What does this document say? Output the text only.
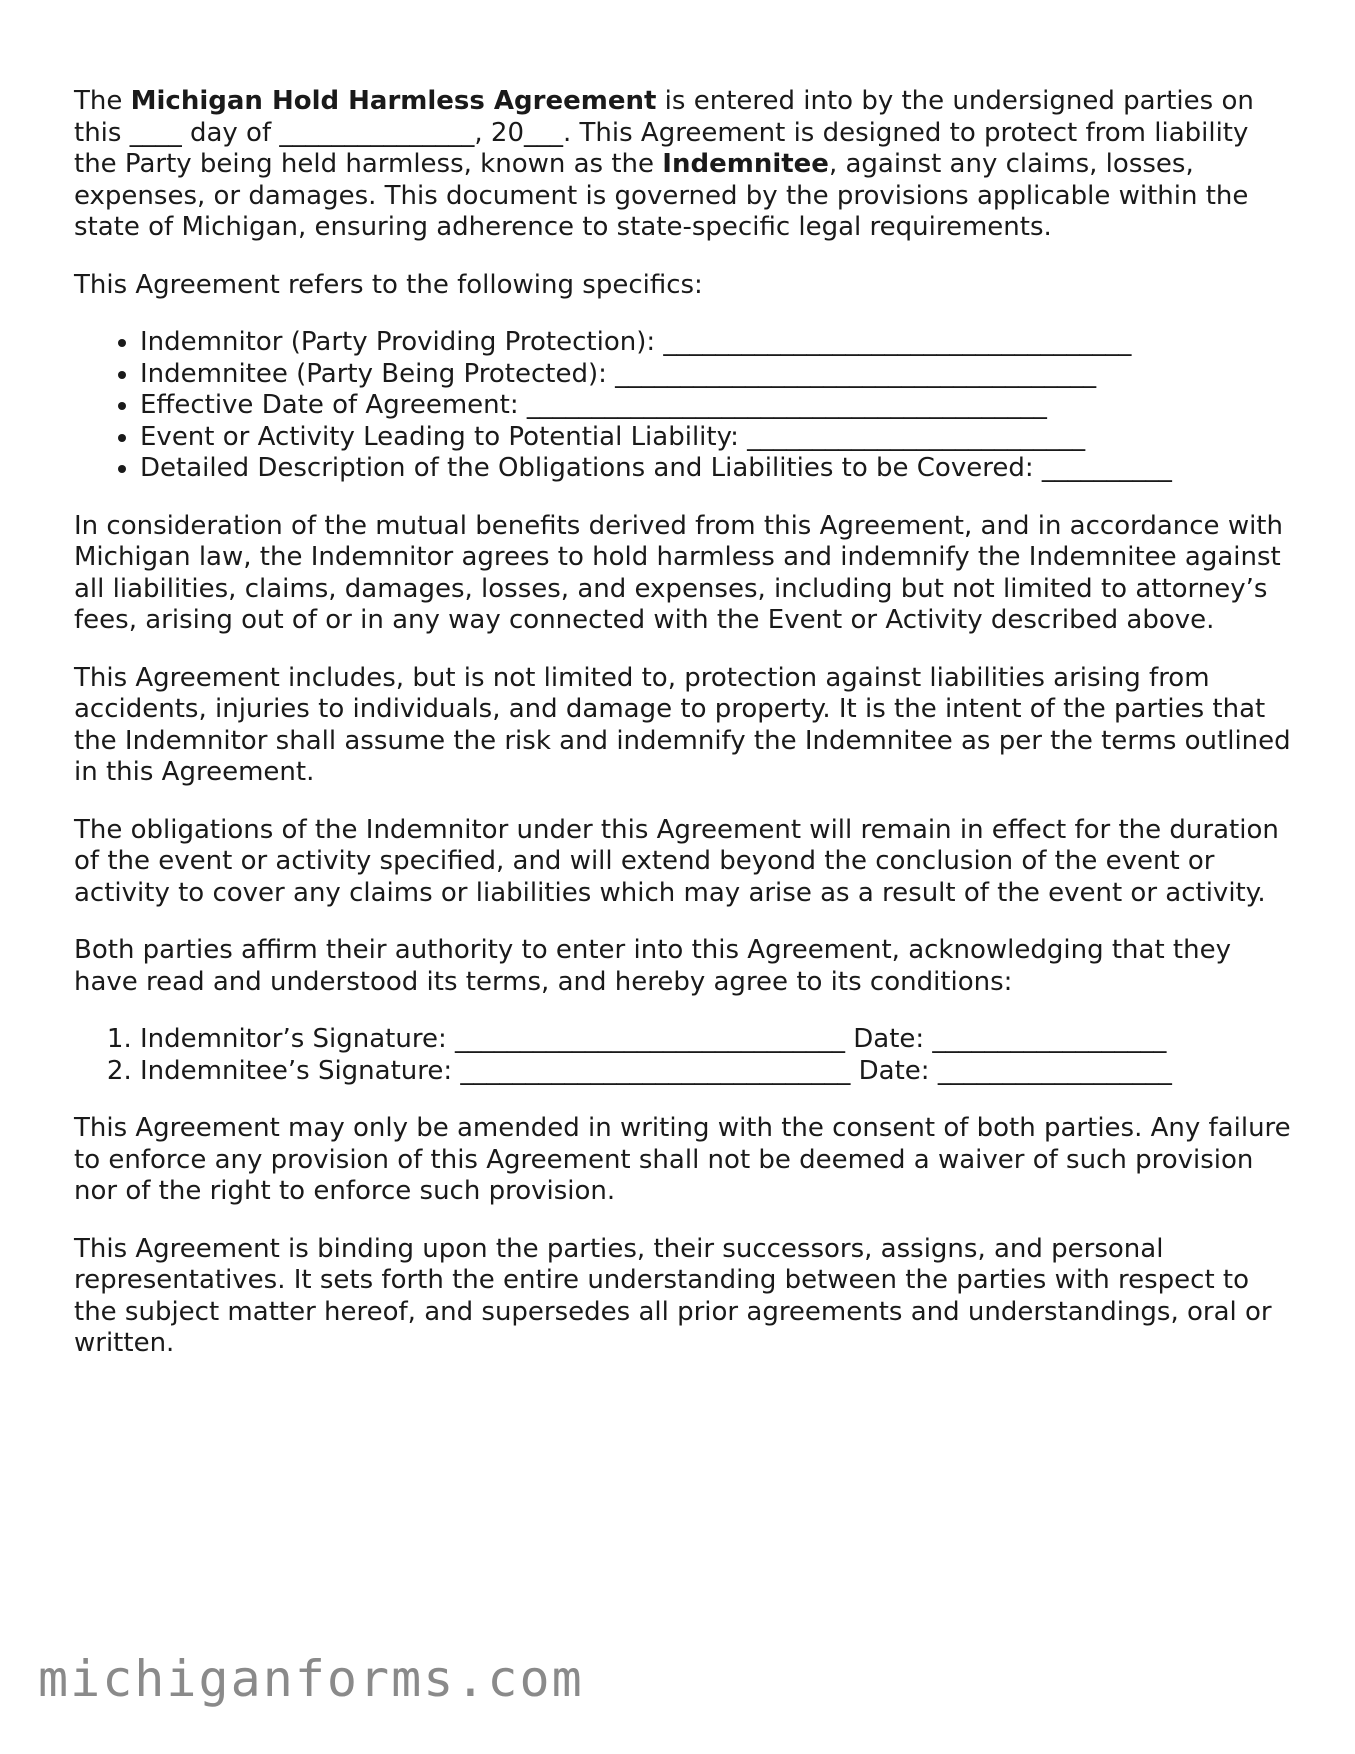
The Michigan Hold Harmless Agreement is entered into by the undersigned parties on this ____ day of _______________, 20___. This Agreement is designed to protect from liability the Party being held harmless, known as the Indemnitee, against any claims, losses, expenses, or damages. This document is governed by the provisions applicable within the state of Michigan, ensuring adherence to state-specific legal requirements.

This Agreement refers to the following specifics:

• Indemnitor (Party Providing Protection): ____________________________________
• Indemnitee (Party Being Protected): _____________________________________
• Effective Date of Agreement: ________________________________________
• Event or Activity Leading to Potential Liability: __________________________
• Detailed Description of the Obligations and Liabilities to be Covered: __________

In consideration of the mutual benefits derived from this Agreement, and in accordance with Michigan law, the Indemnitor agrees to hold harmless and indemnify the Indemnitee against all liabilities, claims, damages, losses, and expenses, including but not limited to attorney’s fees, arising out of or in any way connected with the Event or Activity described above.

This Agreement includes, but is not limited to, protection against liabilities arising from accidents, injuries to individuals, and damage to property. It is the intent of the parties that the Indemnitor shall assume the risk and indemnify the Indemnitee as per the terms outlined in this Agreement.

The obligations of the Indemnitor under this Agreement will remain in effect for the duration of the event or activity specified, and will extend beyond the conclusion of the event or activity to cover any claims or liabilities which may arise as a result of the event or activity.

Both parties affirm their authority to enter into this Agreement, acknowledging that they have read and understood its terms, and hereby agree to its conditions:

1. Indemnitor’s Signature: ______________________________ Date: __________________
2. Indemnitee’s Signature: ______________________________ Date: __________________

This Agreement may only be amended in writing with the consent of both parties. Any failure to enforce any provision of this Agreement shall not be deemed a waiver of such provision nor of the right to enforce such provision.

This Agreement is binding upon the parties, their successors, assigns, and personal representatives. It sets forth the entire understanding between the parties with respect to the subject matter hereof, and supersedes all prior agreements and understandings, oral or written.

michiganforms.com
